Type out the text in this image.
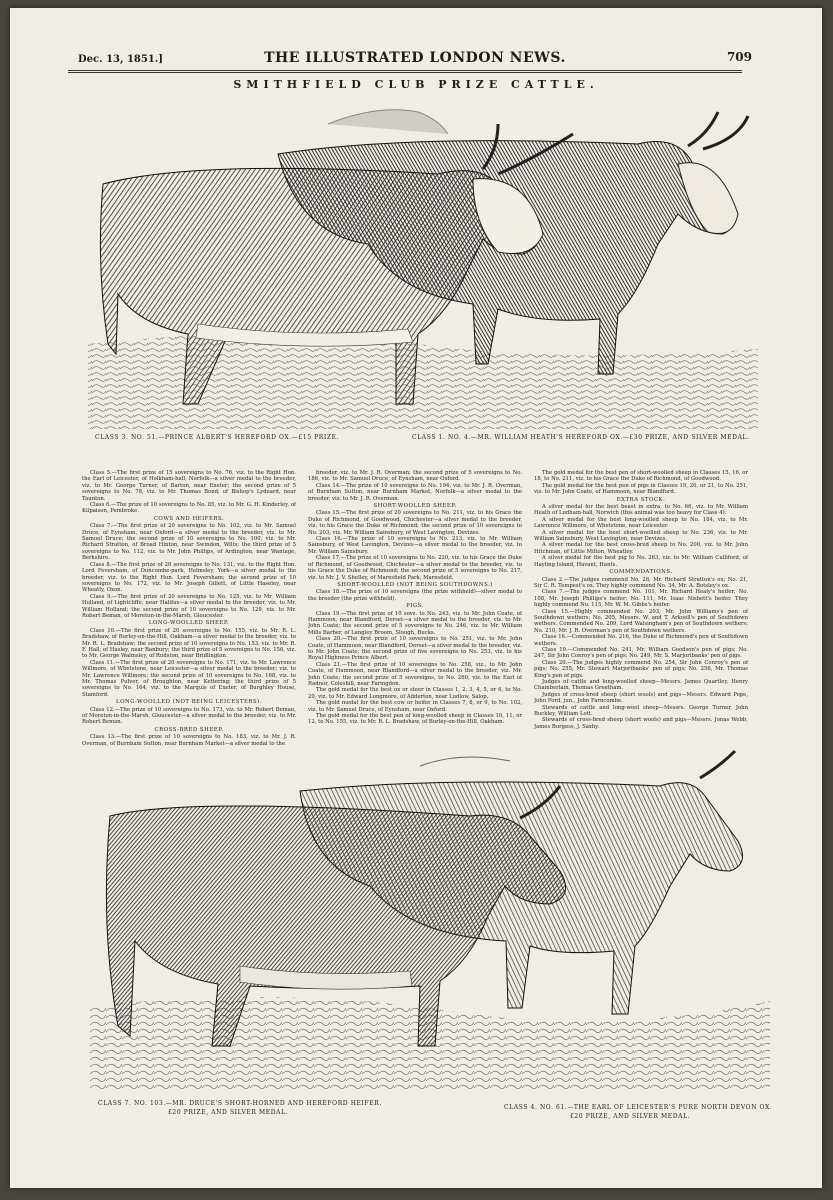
Dec. 13, 1851.]	THE ILLUSTRATED LONDON NEWS.	709
SMITHFIELD CLUB PRIZE CATTLE.
CLASS 3. NO. 51.—PRINCE ALBERT'S HEREFORD OX.—£15 PRIZE.	CLASS 1. NO. 4.—MR. WILLIAM HEATH'S HEREFORD OX.—£30 PRIZE, AND SILVER MEDAL.

Class 5.—The first prize of 15 sovereigns to No. 76, viz. to the Right Hon. the Earl of Leicester, of Holkham-hall, Norfolk—a silver medal to the breeder, viz. to Mr. George Turner, of Barton, near Exeter; the second prize of 5 sovereigns to No. 78, viz. to Mr. Thomas Bond, of Bishop's Lydeard, near Taunton.

Class 6.—The prize of 10 sovereigns to No. 85, viz. to Mr. G. H. Kinderley, of Kilpaison, Pembroke.

COWS AND HEIFERS.

Class 7.—The first prize of 20 sovereigns to No. 102, viz. to Mr. Samuel Druce, of Eynsham, near Oxford—a silver medal to the breeder, viz. to Mr. Samuel Druce; the second prize of 10 sovereigns to No. 100, viz. to Mr. Richard Stratton, of Broad Hinton, near Swindon, Wilts; the third prize of 5 sovereigns to No. 112, viz. to Mr. John Phillips, of Ardington, near Wantage, Berkshire.

Class 8.—The first prize of 20 sovereigns to No. 131, viz. to the Right Hon. Lord Feversham, of Duncombe-park, Helmsley, York—a silver medal to the breeder, viz. to the Right Hon. Lord Feversham; the second prize of 10 sovereigns to No. 172, viz. to Mr. Joseph Gillett, of Little Haseley, near Wheatly, Oxon.

Class 9.—The first prize of 20 sovereigns to No. 125, viz. to Mr. William Holland, of Lightcliffe, near Halifax—a silver medal to the breeder, viz. to Mr. William Holland; the second prize of 10 sovereigns to No. 129, viz. to Mr. Robert Beman, of Moreton-in-the-Marsh, Gloucester.

LONG-WOOLLED SHEEP.

Class 10.—The first prize of 20 sovereigns to No. 155, viz. to Mr. R. L. Bradshaw, of Burley-on-the-Hill, Oakham—a silver medal to the breeder, viz. to Mr. R. L. Bradshaw; the second prize of 10 sovereigns to No. 153, viz. to Mr. R. F. Hall, of Hasley, near Banbury; the third prize of 5 sovereigns to No. 156, viz. to Mr. George Walmsley, of Rudston, near Bridlington.

Class 11.—The first prize of 20 sovereigns to No. 171, viz. to Mr. Lawrence Willmore, of Whetstone, near Leicester—a silver medal to the breeder; viz. to Mr. Lawrence Willmore; the second prize of 10 sovereigns to No. 168, viz. to Mr. Thomas Pulver, of Broughton, near Kettering; the third prize of 5 sovereigns to No. 164, viz. to the Marquis of Exeter, of Burghley House, Stamford.

LONG-WOOLLED (NOT BEING LEICESTERS).

Class 12.—The prize of 10 sovereigns to No. 173, viz. to Mr. Robert Beman, of Moreton-in-the-Marsh, Gloucester—a silver medal to the breeder, viz. to Mr. Robert Beman.

CROSS-BRED SHEEP.

Class 13.—The first prize of 10 sovereigns to No. 183, viz. to Mr. J. R. Overman, of Burnham Sutton, near Burnham Market—a silver medal to the

breeder, viz. to Mr. J. R. Overman; the second prize of 5 sovereigns to No. 186, viz. to Mr. Samuel Druce, of Eynsham, near Oxford.

Class 14.—The prize of 10 sovereigns to No. 194, viz. to Mr. J. R. Overman, of Burnham Sutton, near Burnham Market, Norfolk—a silver medal to the breeder, viz. to Mr. J. R. Overman.

SHORT-WOOLLED SHEEP.

Class 15.—The first prize of 20 sovereigns to No. 211, viz. to his Grace the Duke of Richmond, of Goodwood, Chichester—a silver medal to the breeder, viz. to his Grace the Duke of Richmond; the second prize of 10 sovereigns to No. 203, viz. Mr. William Sainsbury, of West Lavington, Devizes.

Class 16.—The prize of 10 sovereigns to No. 213, viz. to Mr. William Sainsbury, of West Lavington, Devizes—a silver medal to the breeder, viz. to Mr. William Sainsbury.

Class 17.—The prize of 10 sovereigns to No. 220, viz. to his Grace the Duke of Richmond, of Goodwood, Chichester—a silver medal to the breeder, viz. to his Grace the Duke of Richmond; the second prize of 5 sovereigns to No. 217, viz. to Mr. J. V. Shelley, of Maresfield Park, Maresfield.

SHORT-WOOLLED (NOT BEING SOUTHDOWNS.)

Class 18.—The prize of 10 sovereigns (the prize withheld)—silver medal to the breeder (the prize withheld).

PIGS.

Class 19.—The first prize of 10 sovs. to No. 243, viz. to Mr. John Coate, of Hammoon, near Blandford, Dorset—a silver medal to the breeder, viz. to Mr. John Coate; the second prize of 5 sovereigns to No. 246, viz. to Mr. William Mills Barber, of Langley Broom, Slough, Bucks.

Class 20.—The first prize of 10 sovereigns to No. 251, viz. to Mr. John Coate, of Hammoon, near Blandford, Dorset—a silver medal to the breeder, viz. to Mr. John Coate; the second prize of five sovereigns to No. 253, viz. to his Royal Highness Prince Albert.

Class 21.—The first prize of 10 sovereigns to No. 258, viz., to Mr. John Coate, of Hammoon, near Blandford—a silver medal to the breeder, viz. Mr. John Coate; the second prize of 5 sovereigns, to No. 260, viz. to the Earl of Radnor, Coleshill, near Faringdon.

The gold medal for the best ox or steer in Classes 1, 2, 3, 4, 5, or 6, to No. 20, viz. to Mr. Edward Longmore, of Adderton, near Ludlow, Salop.

The gold medal for the best cow or heifer in Classes 7, 8, or 9, to No. 102, viz. to Mr. Samuel Druce, of Eynsham, near Oxford.

The gold medal for the best pen of long-woolled sheep in Classes 10, 11, or 12, to No. 155, viz. to Mr. R. L. Bradshaw, of Burley-on-the-Hill, Oakham.

The gold medal for the best pen of short-woolled sheep in Classes 15, 16, or 18, to No. 211, viz. to his Grace the Duke of Richmond, of Goodwood.

The gold medal for the best pen of pigs in Classes 19, 20, or 21, to No. 251, viz. to Mr. John Coate, of Hammoon, near Blandford.

EXTRA STOCK.

A silver medal for the best beast in extra, to No. 66, viz. to Mr. William Heath of Ludham-hall, Norwich (this animal was too heavy for Class 4).

A silver medal for the best long-woolled sheep to No. 184, viz. to Mr. Lawrence Willmore, of Whetstone, near Leicester.

A silver medal for the best short-woolled sheep to No. 236, viz. to Mr. William Sainsbury, West Lavington, near Devizes.

A silver medal for the best cross-bred sheep to No. 200, viz. to Mr. John Hitchman, of Little Milton, Wheatley.

A silver medal for the best pig to No. 263, viz. to Mr. William Culliford, of Hayling Island, Havant, Hants.

COMMENDATIONS.

Class 2.—The judges commend No. 28, Mr. Richard Stratton's ox; No. 21, Sir C. R. Tempest's ox. They highly commend No. 34, Mr. A. Botsley's ox.

Class 7.—The judges commend No. 101, Mr. Richard Healy's heifer; No. 108, Mr. Joseph Phillips's heifer; No. 111, Mr. Isaac Nisbett's heifer. They highly commend No. 115, Mr. W. M. Gibbs's heifer.

Class 15.—Highly commended No. 203, Mr. John Williams's pen of Southdown wethers; No. 205, Messrs. W. and T. Arkoell's pen of Southdown wethers. Commended No. 209, Lord Walsingham's pen of Southdown wethers; No. 210, Mr. J. R. Overman's pen of Southdown wethers.

Class 16.—Commended No. 216, the Duke of Richmond's pen of Southdown wethers.

Class 19.—Commended No. 241, Mr. William Goodson's pen of pigs; No. 247, Sir John Conroy's pen of pigs; No. 249, Mr. S. Marjoribanks' pen of pigs.

Class 20.—The judges highly commend No. 254, Sir John Conroy's pen of pigs; No. 255, Mr. Stewart Marjoribanks' pen of pigs; No. 256, Mr. Thomas King's pen of pigs.

Judges of cattle and long-woolled sheep—Messrs. James Quartley, Henry Chamberlain, Thomas Greetham.

Judges of cross-bred sheep (short wools) and pigs—Messrs. Edward Pope, John Ford, jun., John Farncombe.

Stewards of cattle and long-wool sheep—Messrs. George Turner, John Buckley, William Lott.

Stewards of cross-bred sheep (short wools) and pigs—Messrs. Jonas Webb, James Burgess, J. Saxby.

CLASS 7. NO. 103.—MR. DRUCE'S SHORT-HORNED AND HEREFORD HEIFER.
£20 PRIZE, AND SILVER MEDAL.
CLASS 4. NO. 61.—THE EARL OF LEICESTER'S PURE NORTH DEVON OX.
£20 PRIZE, AND SILVER MEDAL.
